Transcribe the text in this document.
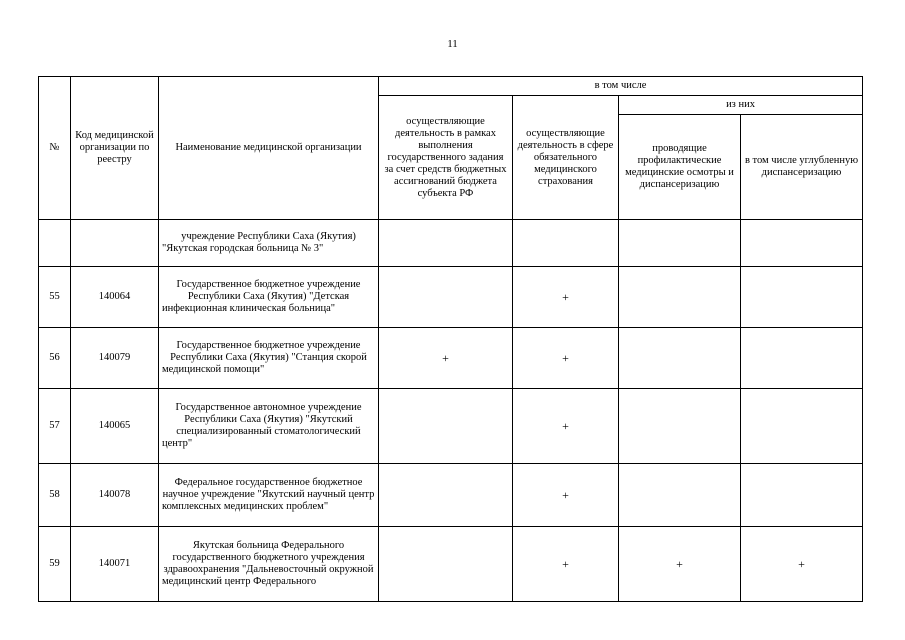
11
№	Код медицинской организации по реестру	Наименование медицинской организации	в том числе			
			осуществляющие деятельность в рамках выполнения государственного задания за счет средств бюджетных ассигнований бюджета субъекта РФ	осуществляющие деятельность в сфере обязательного медицинского страхования	из них	
					проводящие профилактические медицинские осмотры и диспансеризацию	в том числе углубленную диспансеризацию
		учреждение Республики Саха (Якутия) "Якутская городская больница № 3"				
55	140064	Государственное бюджетное учреждение Республики Саха (Якутия) "Детская инфекционная клиническая больница"		+		
56	140079	Государственное бюджетное учреждение Республики Саха (Якутия) "Станция скорой медицинской помощи"	+	+		
57	140065	Государственное автономное учреждение Республики Саха (Якутия) "Якутский специализированный стоматологический центр"		+		
58	140078	Федеральное государственное бюджетное научное учреждение "Якутский научный центр комплексных медицинских проблем"		+		
59	140071	Якутская больница Федерального государственного бюджетного учреждения здравоохранения "Дальневосточный окружной медицинский центр Федерального		+	+	+
